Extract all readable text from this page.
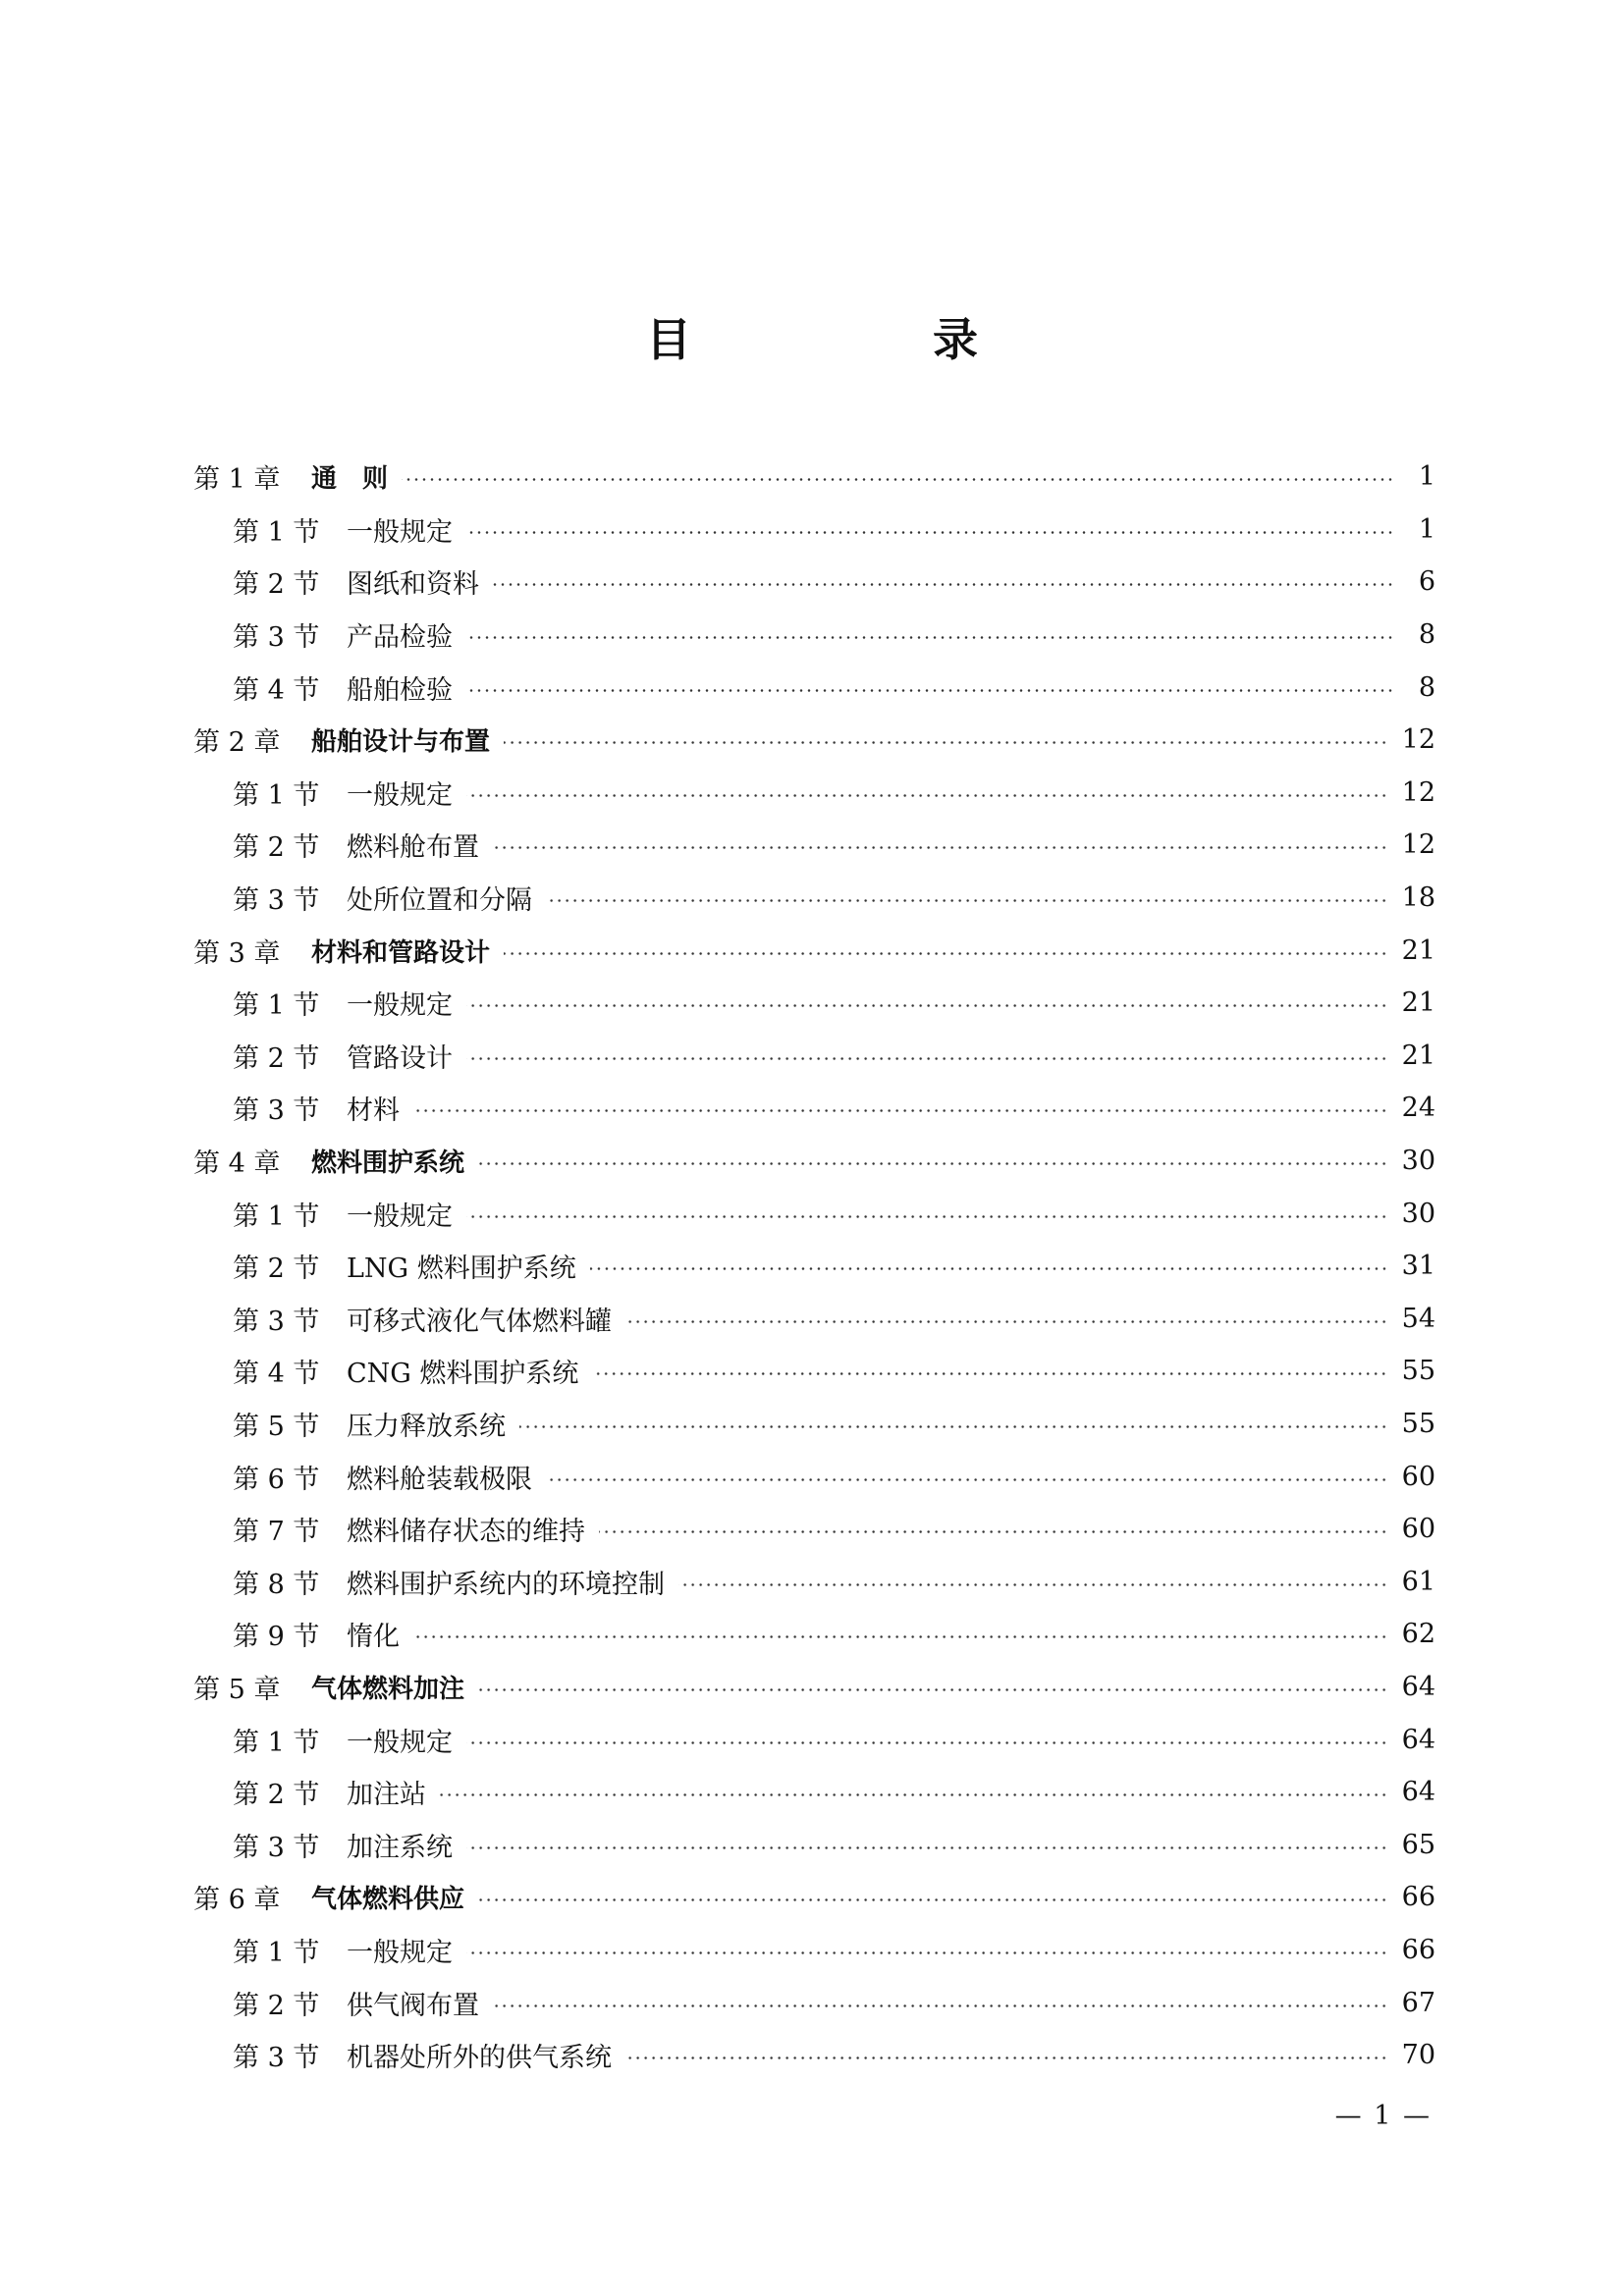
目　录
第 1 章	通　则	1
第 1 节	一般规定	1
第 2 节	图纸和资料	6
第 3 节	产品检验	8
第 4 节	船舶检验	8
第 2 章	船舶设计与布置	12
第 1 节	一般规定	12
第 2 节	燃料舱布置	12
第 3 节	处所位置和分隔	18
第 3 章	材料和管路设计	21
第 1 节	一般规定	21
第 2 节	管路设计	21
第 3 节	材料	24
第 4 章	燃料围护系统	30
第 1 节	一般规定	30
第 2 节	LNG 燃料围护系统	31
第 3 节	可移式液化气体燃料罐	54
第 4 节	CNG 燃料围护系统	55
第 5 节	压力释放系统	55
第 6 节	燃料舱装载极限	60
第 7 节	燃料储存状态的维持	60
第 8 节	燃料围护系统内的环境控制	61
第 9 节	惰化	62
第 5 章	气体燃料加注	64
第 1 节	一般规定	64
第 2 节	加注站	64
第 3 节	加注系统	65
第 6 章	气体燃料供应	66
第 1 节	一般规定	66
第 2 节	供气阀布置	67
第 3 节	机器处所外的供气系统	70
— 1 —
